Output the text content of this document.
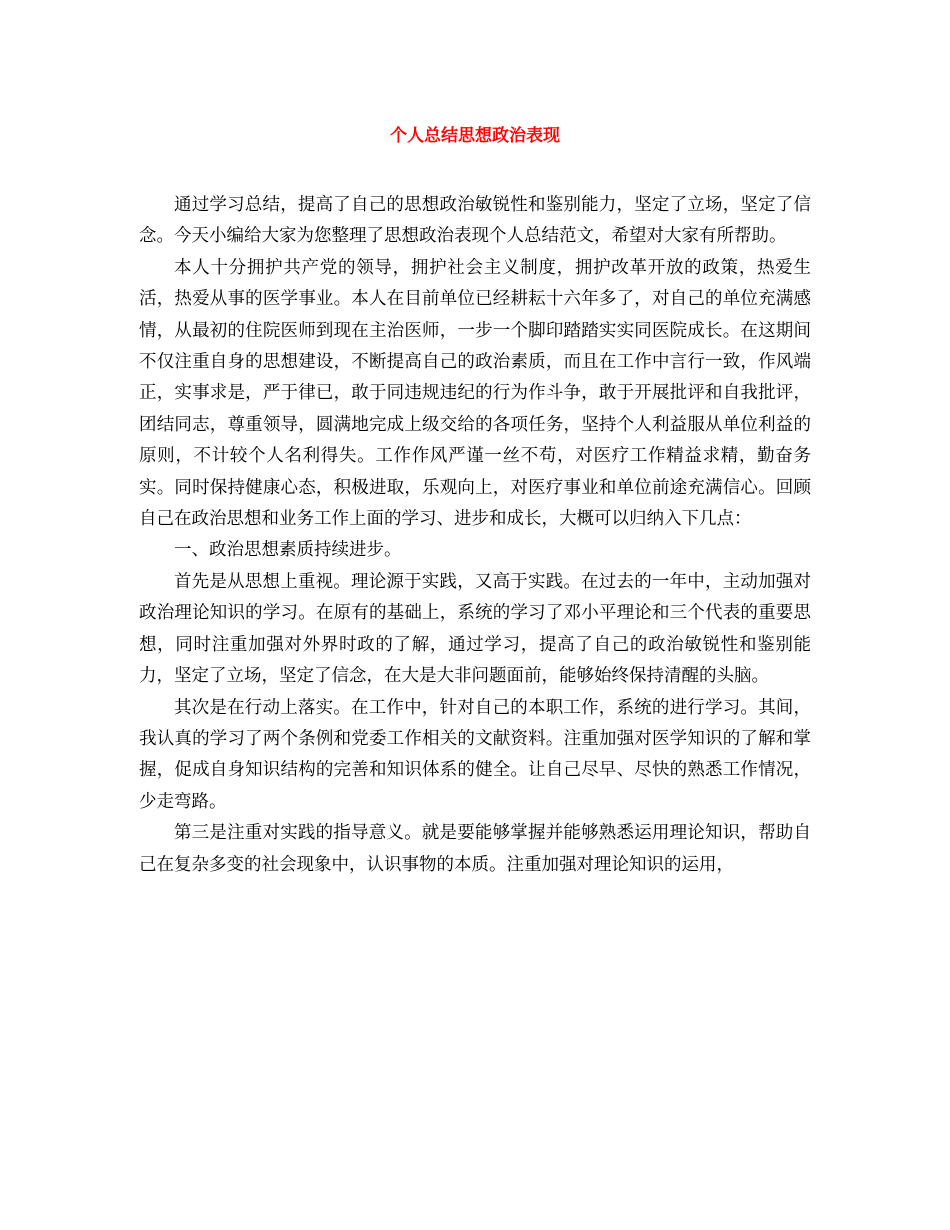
个人总结思想政治表现

通过学习总结，提高了自己的思想政治敏锐性和鉴别能力，坚定了立场，坚定了信念。今天小编给大家为您整理了思想政治表现个人总结范文，希望对大家有所帮助。

本人十分拥护共产党的领导，拥护社会主义制度，拥护改革开放的政策，热爱生活，热爱从事的医学事业。本人在目前单位已经耕耘十六年多了，对自己的单位充满感情，从最初的住院医师到现在主治医师，一步一个脚印踏踏实实同医院成长。在这期间不仅注重自身的思想建设，不断提高自己的政治素质，而且在工作中言行一致，作风端正，实事求是，严于律已，敢于同违规违纪的行为作斗争，敢于开展批评和自我批评，团结同志，尊重领导，圆满地完成上级交给的各项任务，坚持个人利益服从单位利益的原则，不计较个人名利得失。工作作风严谨一丝不苟，对医疗工作精益求精，勤奋务实。同时保持健康心态，积极进取，乐观向上，对医疗事业和单位前途充满信心。回顾自己在政治思想和业务工作上面的学习、进步和成长，大概可以归纳入下几点：

一、政治思想素质持续进步。

首先是从思想上重视。理论源于实践，又高于实践。在过去的一年中，主动加强对政治理论知识的学习。在原有的基础上，系统的学习了邓小平理论和三个代表的重要思想，同时注重加强对外界时政的了解，通过学习，提高了自己的政治敏锐性和鉴别能力，坚定了立场，坚定了信念，在大是大非问题面前，能够始终保持清醒的头脑。

其次是在行动上落实。在工作中，针对自己的本职工作，系统的进行学习。其间，我认真的学习了两个条例和党委工作相关的文献资料。注重加强对医学知识的了解和掌握，促成自身知识结构的完善和知识体系的健全。让自己尽早、尽快的熟悉工作情况，少走弯路。

第三是注重对实践的指导意义。就是要能够掌握并能够熟悉运用理论知识，帮助自己在复杂多变的社会现象中，认识事物的本质。注重加强对理论知识的运用，
